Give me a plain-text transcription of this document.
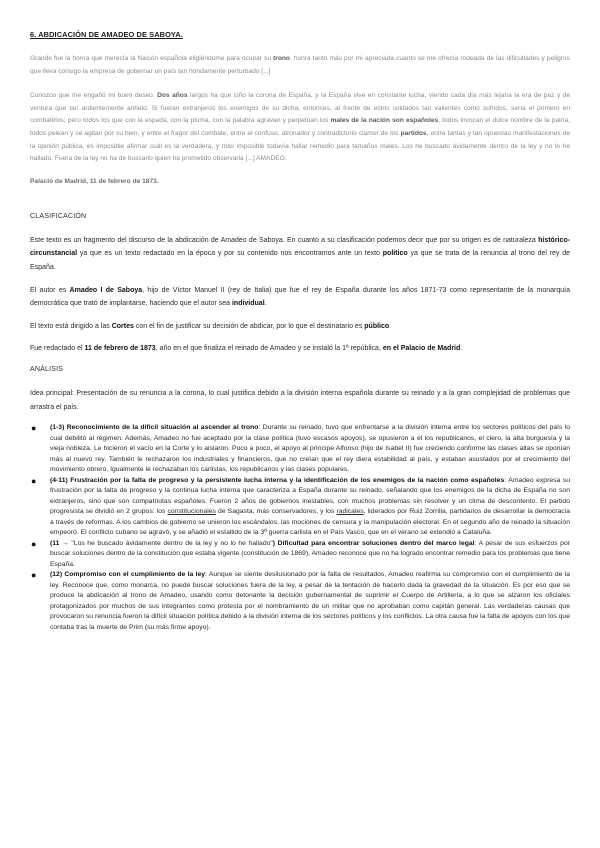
6. ABDICACIÓN DE AMADEO DE SABOYA.

Grande fue la honra que merecía la Nación española eligiéndome para ocupar su trono, honra tanto más por mí apreciada cuanto se me ofrecía rodeada de las dificultades y peligros que lleva consigo la empresa de gobernar un país tan hondamente perturbado [...]

Conozco que me engañó mi buen deseo. Dos años largos ha que ciño la corona de España, y la España vive en constante lucha, viendo cada día más lejana la era de paz y de ventura que tan ardientemente anhelo. Si fueran extranjeros los enemigos de su dicha, entonces, al frente de estos soldados tan valientes como sufridos, sería el primero en combatirlos; pero todos los que con la espada, con la pluma, con la palabra agravan y perpetúan los males de la nación son españoles; todos invocan el dulce nombre de la patria, todos pelean y se agitan por su bien, y entre el fragor del combate, entre el confuso, atronador y contradictorio clamor de los partidos, entre tantas y tan opuestas manifestaciones de la opinión pública, es imposible afirmar cuál es la verdadera, y más imposible todavía hallar remedio para tamaños males. Los he buscado ávidamente dentro de la ley y no lo he hallado. Fuera de la ley no ha de buscarlo quien ha prometido observarla [...] AMADEO.

Palacio de Madrid, 11 de febrero de 1873.
CLASIFICACIÓN

Este texto es un fragmento del discurso de la abdicación de Amadeo de Saboya. En cuanto a su clasificación podemos decir que por su origen es de naturaleza histórico-circunstancial ya que es un texto redactado en la época y por su contenido nos encontramos ante un texto político ya que se trata de la renuncia al trono del rey de España.

El autor es Amadeo I de Saboya, hijo de Víctor Manuel II (rey de Italia) que fue el rey de España durante los años 1871-73 como representante de la monarquía democrática que trató de implantarse, haciendo que el autor sea individual.

El texto está dirigido a las Cortes con el fin de justificar su decisión de abdicar, por lo que el destinatario es público.

Fue redactado el 11 de febrero de 1873, año en el que finaliza el reinado de Amadeo y se instaló la 1ª república, en el Palacio de Madrid.

ANÁLISIS

Idea principal: Presentación de su renuncia a la corona, lo cual justifica debido a la división interna española durante su reinado y a la gran complejidad de problemas que arrastra el país.

● (1-3) Reconocimiento de la difícil situación al ascender al trono: Durante su reinado, tuvo que enfrentarse a la división interna entre los sectores políticos del país lo cual debilitó al régimen. Además, Amadeo no fue aceptado por la clase política (tuvo escasos apoyos), se opusieron a él los republicanos, el clero, la alta burguesía y la vieja nobleza. Le hicieron el vacío en la Corte y lo aislaron. Poco a poco, el apoyo al príncipe Alfonso (hijo de Isabel II) fue creciendo conforme las clases altas se oponían más al nuevo rey. También le rechazaron los industriales y financieros, que no creían que el rey diera estabilidad al país, y estaban asustados por el crecimiento del movimiento obrero. Igualmente le rechazaban los carlistas, los republicanos y las clases populares.
● (4-11) Frustración por la falta de progreso y la persistente lucha interna y la identificación de los enemigos de la nación como españoles: Amadeo expresa su frustración por la falta de progreso y la continua lucha interna que caracteriza a España durante su reinado, señalando que los enemigos de la dicha de España no son extranjeros, sino que son compatriotas españoles. Fueron 2 años de gobiernos inestables, con muchos problemas sin resolver y un clima de descontento. El partido progresista se dividió en 2 grupos: los constitucionales de Sagasta, más conservadores, y los radicales, liderados por Ruiz Zorrilla, partidarios de desarrollar la democracia a través de reformas. A los cambios de gobierno se unieron los escándalos, las mociones de censura y la manipulación electoral. En el segundo año de reinado la situación empeoró. El conflicto cubano se agravó, y se añadió el estallido de la 3ª guerra carlista en el País Vasco, que en el verano se extendió a Cataluña.
● (11 → "Los he buscado ávidamente dentro de la ley y no lo he hallado") Dificultad para encontrar soluciones dentro del marco legal: A pesar de sus esfuerzos por buscar soluciones dentro de la constitución que estaba vigente (constitución de 1869), Amadeo reconoce que no ha logrado encontrar remedio para los problemas que tiene España.
● (12) Compromiso con el cumplimiento de la ley: Aunque se siente desilusionado por la falta de resultados, Amadeo reafirma su compromiso con el cumplimiento de la ley. Reconoce que, como monarca, no puede buscar soluciones fuera de la ley, a pesar de la tentación de hacerlo dada la gravedad de la situación. Es por eso que se produce la abdicación al trono de Amadeo, usando como detonante la decisión gubernamental de suprimir el Cuerpo de Artillería, a lo que se alzaron los oficiales protagonizados por muchos de sus integrantes como protesta por el nombramiento de un militar que no aprobaban como capitán general. Las verdaderas causas que provocaron su renuncia fueron la difícil situación política debido a la división interna de los sectores políticos y los conflictos. La otra causa fue la falta de apoyos con los que contaba tras la muerte de Prim (su más firme apoyo).
